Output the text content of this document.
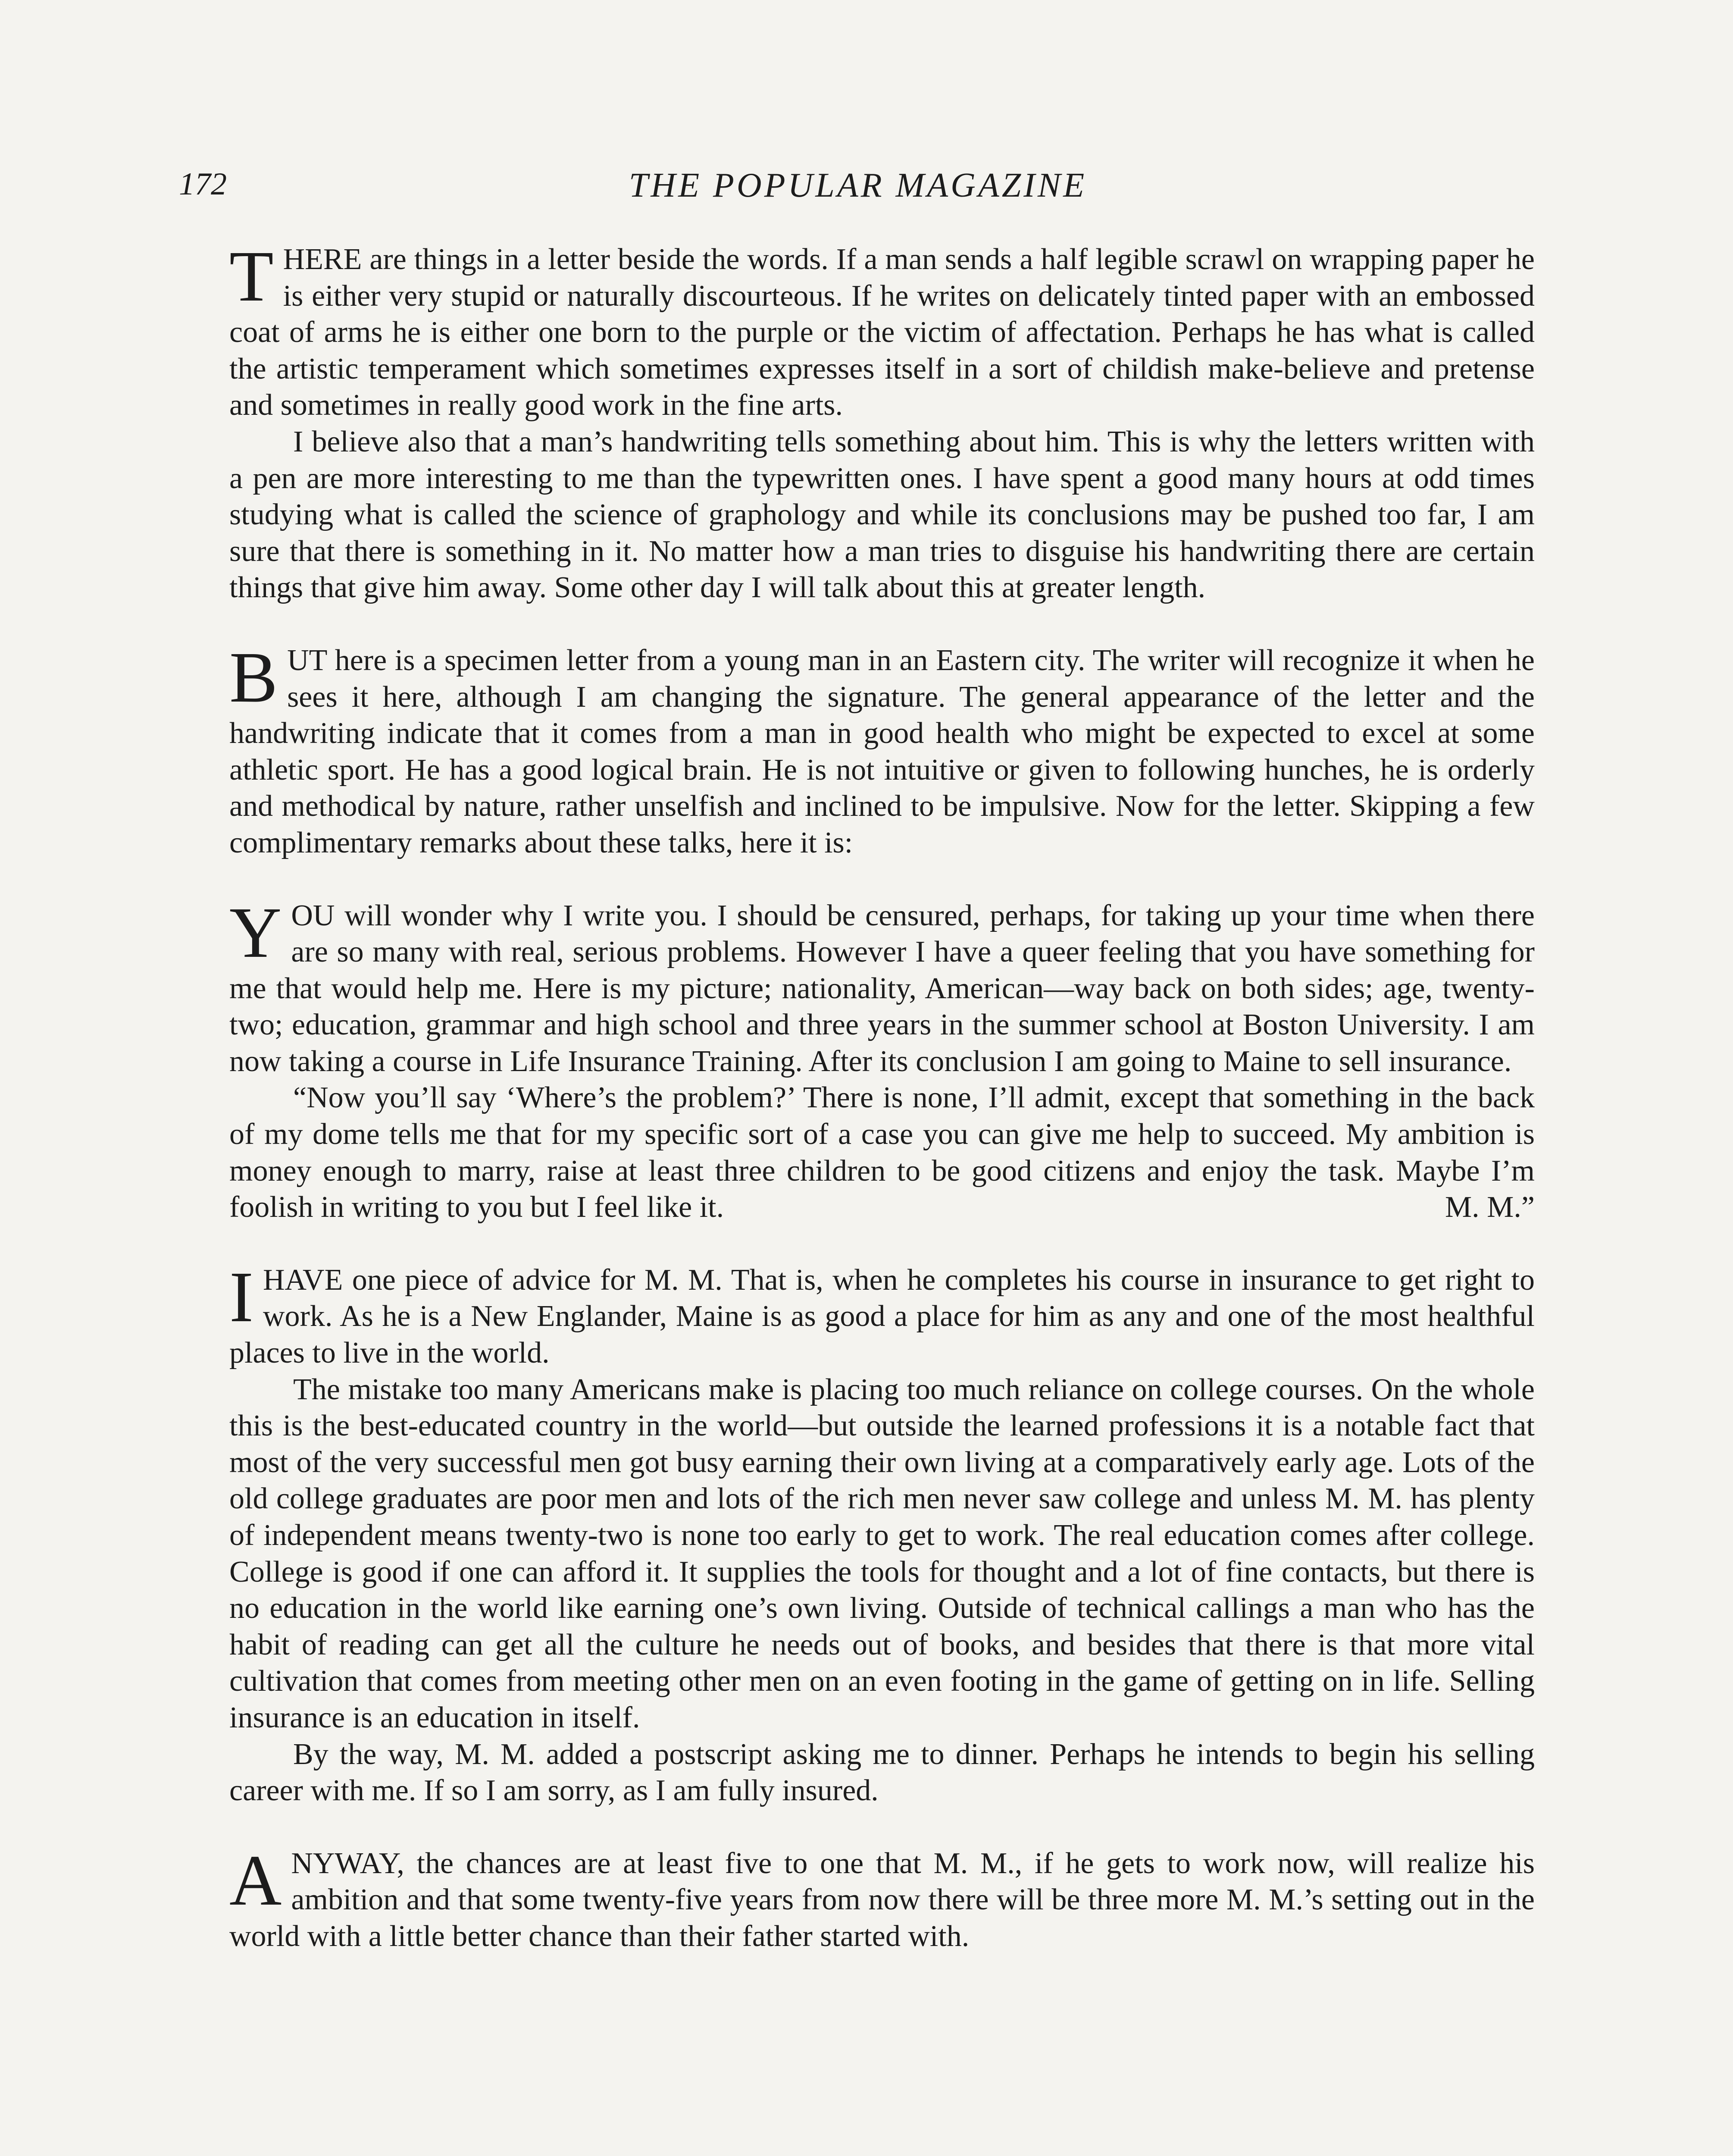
172	THE POPULAR MAGAZINE

THERE are things in a letter beside the words. If a man sends a half legible scrawl on wrapping paper he is either very stupid or naturally discourteous. If he writes on delicately tinted paper with an embossed coat of arms he is either one born to the purple or the victim of affectation. Perhaps he has what is called the artistic temperament which sometimes expresses itself in a sort of childish make-believe and pretense and sometimes in really good work in the fine arts.

I believe also that a man’s handwriting tells something about him. This is why the letters written with a pen are more interesting to me than the typewritten ones. I have spent a good many hours at odd times studying what is called the science of graphology and while its conclusions may be pushed too far, I am sure that there is something in it. No matter how a man tries to disguise his handwriting there are certain things that give him away. Some other day I will talk about this at greater length.

BUT here is a specimen letter from a young man in an Eastern city. The writer will recognize it when he sees it here, although I am changing the signature. The general appearance of the letter and the handwriting indicate that it comes from a man in good health who might be expected to excel at some athletic sport. He has a good logical brain. He is not intuitive or given to following hunches, he is orderly and methodical by nature, rather unselfish and inclined to be impulsive. Now for the letter. Skipping a few complimentary remarks about these talks, here it is:

YOU will wonder why I write you. I should be censured, perhaps, for taking up your time when there are so many with real, serious problems. However I have a queer feeling that you have something for me that would help me. Here is my picture; nationality, American—way back on both sides; age, twenty-two; education, grammar and high school and three years in the summer school at Boston University. I am now taking a course in Life Insurance Training. After its conclusion I am going to Maine to sell insurance.

“Now you’ll say ‘Where’s the problem?’ There is none, I’ll admit, except that something in the back of my dome tells me that for my specific sort of a case you can give me help to succeed. My ambition is money enough to marry, raise at least three children to be good citizens and enjoy the task. Maybe I’m foolish in writing to you but I feel like it.	M. M.”

IHAVE one piece of advice for M. M. That is, when he completes his course in insurance to get right to work. As he is a New Englander, Maine is as good a place for him as any and one of the most healthful places to live in the world.

The mistake too many Americans make is placing too much reliance on college courses. On the whole this is the best-educated country in the world—but outside the learned professions it is a notable fact that most of the very successful men got busy earning their own living at a comparatively early age. Lots of the old college graduates are poor men and lots of the rich men never saw college and unless M. M. has plenty of independent means twenty-two is none too early to get to work. The real education comes after college. College is good if one can afford it. It supplies the tools for thought and a lot of fine contacts, but there is no education in the world like earning one’s own living. Outside of technical callings a man who has the habit of reading can get all the culture he needs out of books, and besides that there is that more vital cultivation that comes from meeting other men on an even footing in the game of getting on in life. Selling insurance is an education in itself.

By the way, M. M. added a postscript asking me to dinner. Perhaps he intends to begin his selling career with me. If so I am sorry, as I am fully insured.

ANYWAY, the chances are at least five to one that M. M., if he gets to work now, will realize his ambition and that some twenty-five years from now there will be three more M. M.’s setting out in the world with a little better chance than their father started with.
